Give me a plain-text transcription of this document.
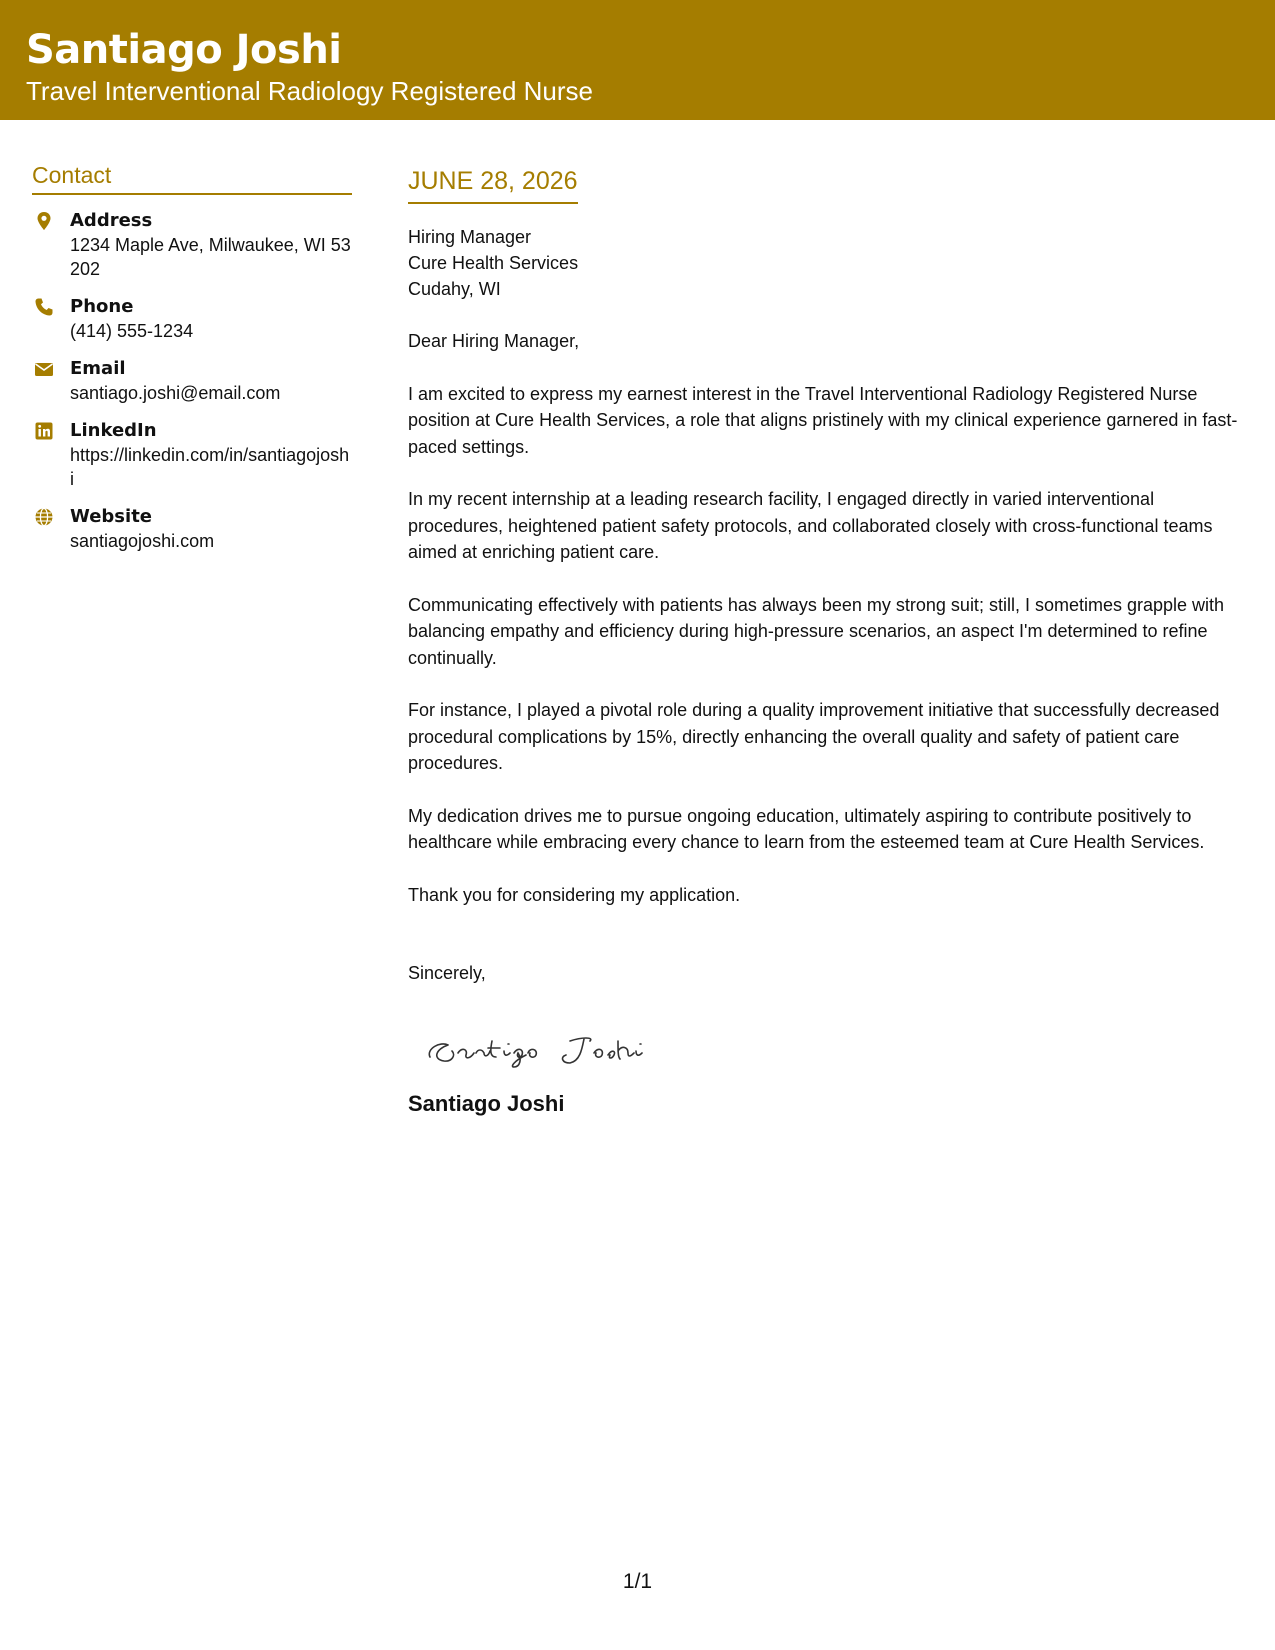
Santiago Joshi
Travel Interventional Radiology Registered Nurse
Contact
Address
1234 Maple Ave, Milwaukee, WI 53202
Phone
(414) 555-1234
Email
santiago.joshi@email.com
LinkedIn
https://linkedin.com/in/santiagojoshi
Website
santiagojoshi.com
JUNE 28, 2026
Hiring Manager
Cure Health Services
Cudahy, WI

Dear Hiring Manager,

I am excited to express my earnest interest in the Travel Interventional Radiology Registered Nurse position at Cure Health Services, a role that aligns pristinely with my clinical experience garnered in fast-paced settings.

In my recent internship at a leading research facility, I engaged directly in varied interventional procedures, heightened patient safety protocols, and collaborated closely with cross-functional teams aimed at enriching patient care.

Communicating effectively with patients has always been my strong suit; still, I sometimes grapple with balancing empathy and efficiency during high-pressure scenarios, an aspect I'm determined to refine continually.

For instance, I played a pivotal role during a quality improvement initiative that successfully decreased procedural complications by 15%, directly enhancing the overall quality and safety of patient care procedures.

My dedication drives me to pursue ongoing education, ultimately aspiring to contribute positively to healthcare while embracing every chance to learn from the esteemed team at Cure Health Services.

Thank you for considering my application.

Sincerely,

Santiago Joshi
1/1
